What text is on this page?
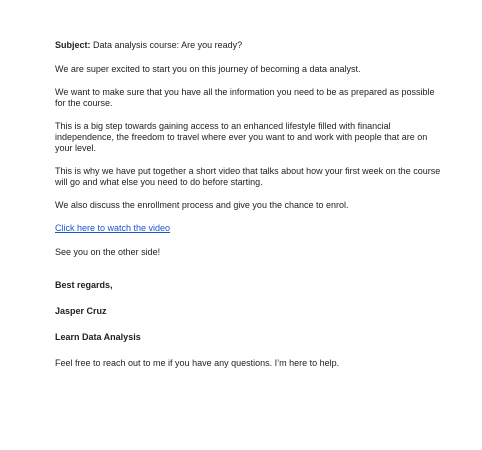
Subject: Data analysis course: Are you ready?

We are super excited to start you on this journey of becoming a data analyst.

We want to make sure that you have all the information you need to be as prepared as possible for the course.

This is a big step towards gaining access to an enhanced lifestyle filled with financial independence, the freedom to travel where ever you want to and work with people that are on your level.

This is why we have put together a short video that talks about how your first week on the course will go and what else you need to do before starting.

We also discuss the enrollment process and give you the chance to enrol.

Click here to watch the video

See you on the other side!

Best regards,

Jasper Cruz

Learn Data Analysis

Feel free to reach out to me if you have any questions. I’m here to help.
